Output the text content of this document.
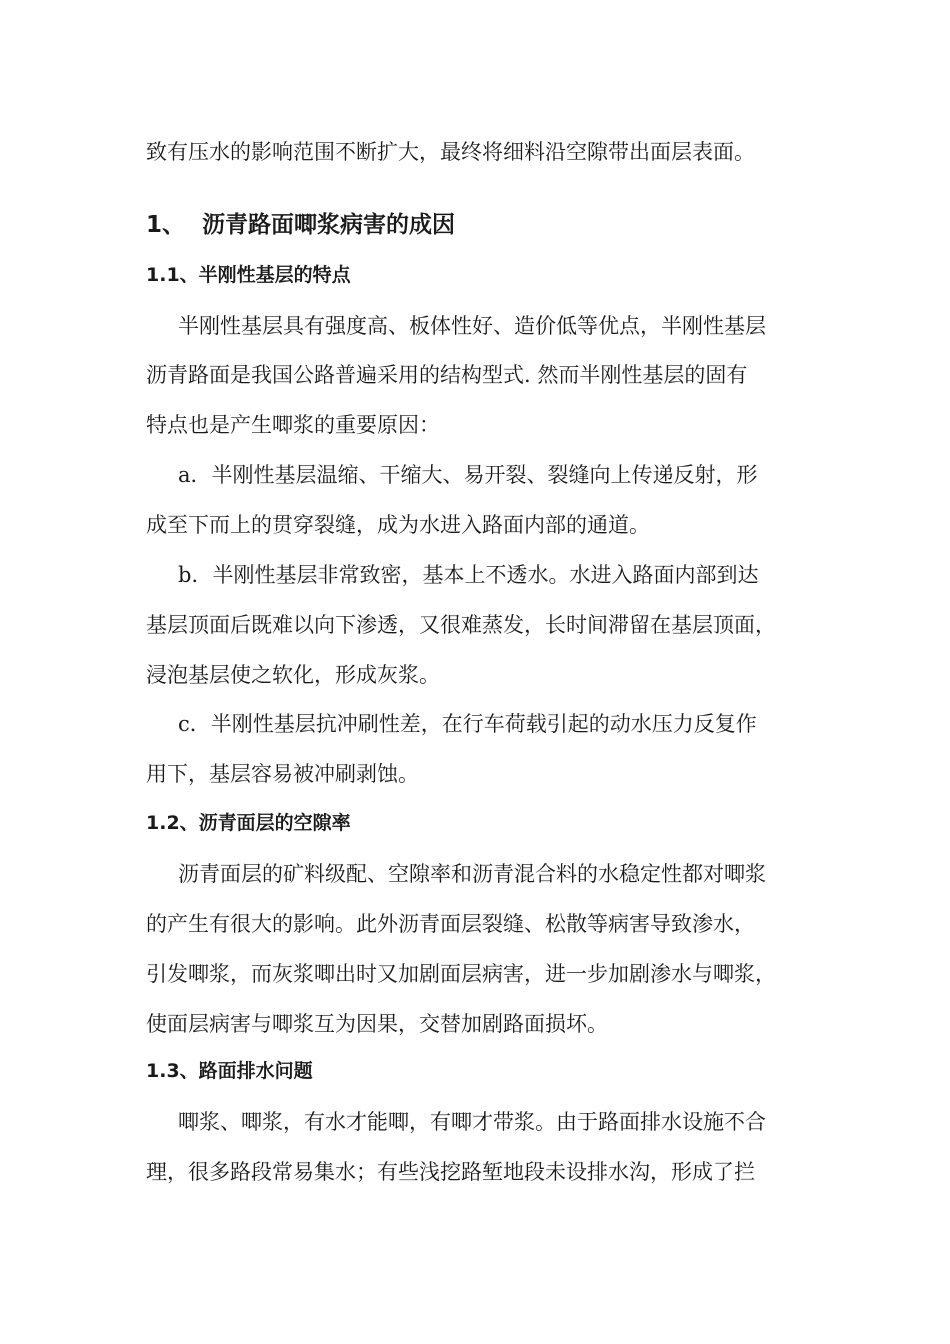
致有压水的影响范围不断扩大，最终将细料沿空隙带出面层表面。
1、 沥青路面唧浆病害的成因
1.1、半刚性基层的特点
半刚性基层具有强度高、板体性好、造价低等优点，半刚性基层
沥青路面是我国公路普遍采用的结构型式. 然而半刚性基层的固有
特点也是产生唧浆的重要原因：
a．半刚性基层温缩、干缩大、易开裂、裂缝向上传递反射，形
成至下而上的贯穿裂缝，成为水进入路面内部的通道。
b．半刚性基层非常致密，基本上不透水。水进入路面内部到达
基层顶面后既难以向下渗透，又很难蒸发，长时间滞留在基层顶面，
浸泡基层使之软化，形成灰浆。
c．半刚性基层抗冲刷性差，在行车荷载引起的动水压力反复作
用下，基层容易被冲刷剥蚀。
1.2、沥青面层的空隙率
沥青面层的矿料级配、空隙率和沥青混合料的水稳定性都对唧浆
的产生有很大的影响。此外沥青面层裂缝、松散等病害导致渗水，
引发唧浆，而灰浆唧出时又加剧面层病害，进一步加剧渗水与唧浆，
使面层病害与唧浆互为因果，交替加剧路面损坏。
1.3、路面排水问题
唧浆、唧浆，有水才能唧，有唧才带浆。由于路面排水设施不合
理，很多路段常易集水；有些浅挖路堑地段未设排水沟，形成了拦
